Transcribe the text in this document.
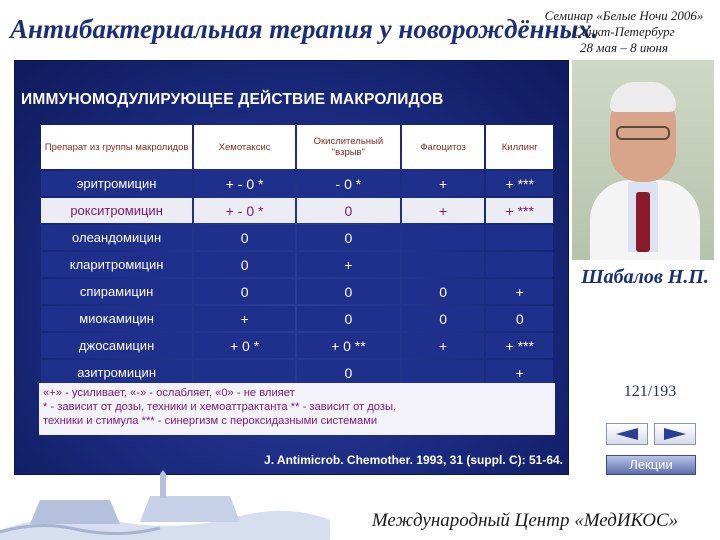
Антибактериальная терапия у новорождённых.
Семинар «Белые Ночи 2006»
Санкт-Петербург
28 мая – 8 июня
ИММУНОМОДУЛИРУЮЩЕЕ ДЕЙСТВИЕ МАКРОЛИДОВ
Препарат из группы макролидов	Хемотаксис	Окислительный "взрыв"	Фагоцитоз	Киллинг
эритромицин	+ - 0 *	- 0 *	+	+ ***
рокситромицин	+ - 0 *	0	+	+ ***
олеандомицин	0	0		
кларитромицин	0	+		
спирамицин	0	0	0	+
миокамицин	+	0	0	0
джосамицин	+ 0 *	+ 0 **	+	+ ***
азитромицин		0		+
«+» - усиливает, «-» - ослабляет, «0» - не влияет
* - зависит от дозы, техники и хемоаттрактанта ** - зависит от дозы,
техники и стимула *** - синергизм с пероксидазными системами
J. Antimicrob. Chemother. 1993, 31 (suppl. C): 51-64.
Шабалов Н.П.
121/193
Лекции
Международный Центр «МедИКОС»
